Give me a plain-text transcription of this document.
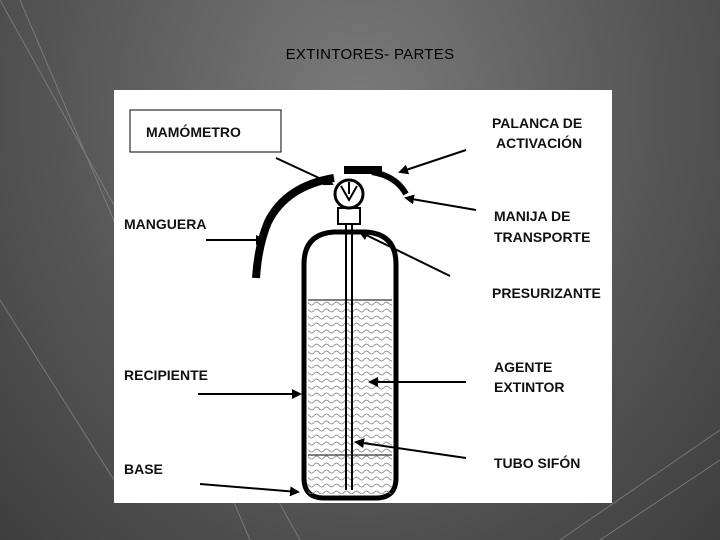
EXTINTORES- PARTES
MAMÓMETRO
MANGUERA
RECIPIENTE
BASE
PALANCA DE
ACTIVACIÓN
MANIJA DE
TRANSPORTE
PRESURIZANTE
AGENTE
EXTINTOR
TUBO SIFÓN
